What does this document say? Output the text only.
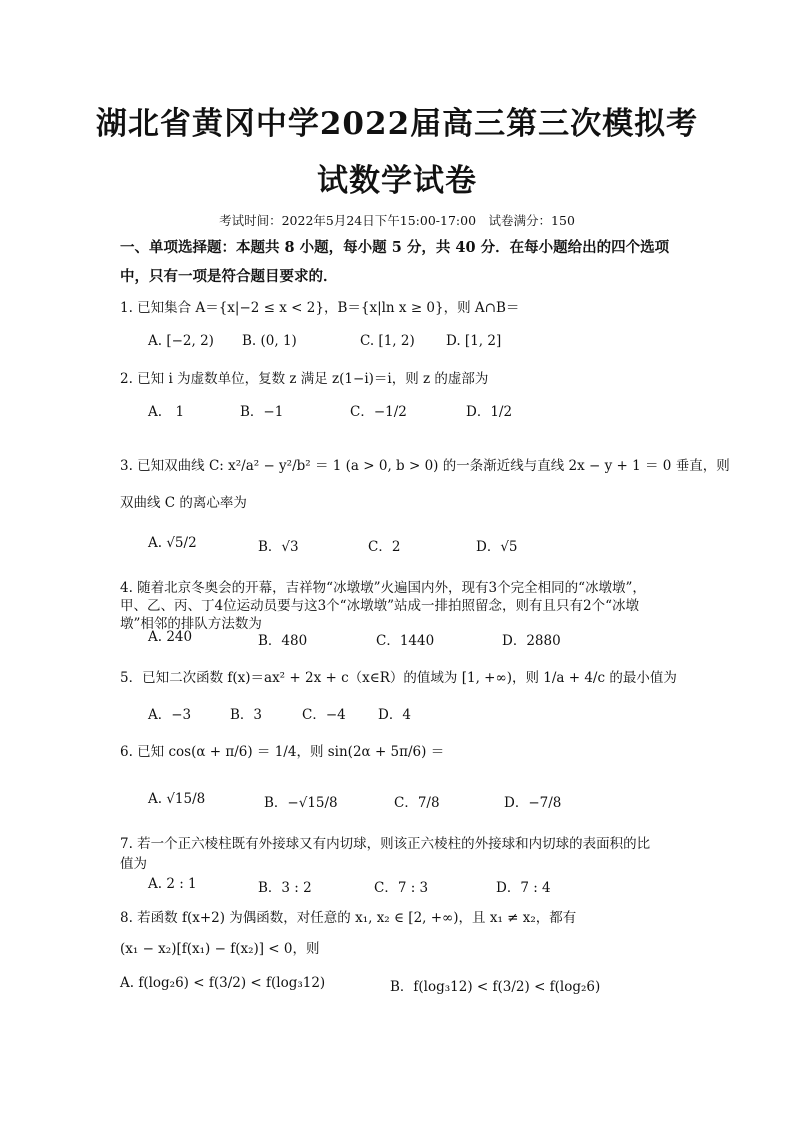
湖北省黄冈中学2022届高三第三次模拟考
试数学试卷
考试时间：2022年5月24日下午15:00-17:00　试卷满分：150
一、单项选择题：本题共 8 小题，每小题 5 分，共 40 分．在每小题给出的四个选项中，只有一项是符合题目要求的．
1. 已知集合 A＝{x|−2 ≤ x < 2}，B＝{x|ln x ≥ 0}，则 A∩B＝
A. [−2, 2) B. (0, 1)	C. [1, 2) D. [1, 2]
2. 已知 i 为虚数单位，复数 z 满足 z(1−i)＝i，则 z 的虚部为
A.　1	B．−1	C．−1/2	D．1/2
3. 已知双曲线 C: x²/a² − y²/b² ＝ 1 (a > 0, b > 0) 的一条渐近线与直线 2x − y + 1 ＝ 0 垂直，则
双曲线 C 的离心率为
A. √5/2	B．√3	C．2	D．√5
4. 随着北京冬奥会的开幕，吉祥物“冰墩墩”火遍国内外，现有3个完全相同的“冰墩墩”，
甲、乙、丙、丁4位运动员要与这3个“冰墩墩”站成一排拍照留念，则有且只有2个“冰墩
墩”相邻的排队方法数为
A. 240	B．480	C．1440	D．2880
5．已知二次函数 f(x)＝ax² + 2x + c（x∈R）的值域为 [1, +∞)，则 1/a + 4/c 的最小值为
A．−3	B．3	C．−4 D．4
6. 已知 cos(α + π/6) ＝ 1/4，则 sin(2α + 5π/6) ＝
A. √15/8	B．−√15/8	C．7/8	D．−7/8
7. 若一个正六棱柱既有外接球又有内切球，则该正六棱柱的外接球和内切球的表面积的比
值为
A. 2 : 1	B．3 : 2	C．7 : 3	D．7 : 4
8. 若函数 f(x+2) 为偶函数，对任意的 x₁, x₂ ∈ [2, +∞)，且 x₁ ≠ x₂，都有
(x₁ − x₂)[f(x₁) − f(x₂)] < 0，则
A. f(log₂6) < f(3/2) < f(log₃12)	B．f(log₃12) < f(3/2) < f(log₂6)
